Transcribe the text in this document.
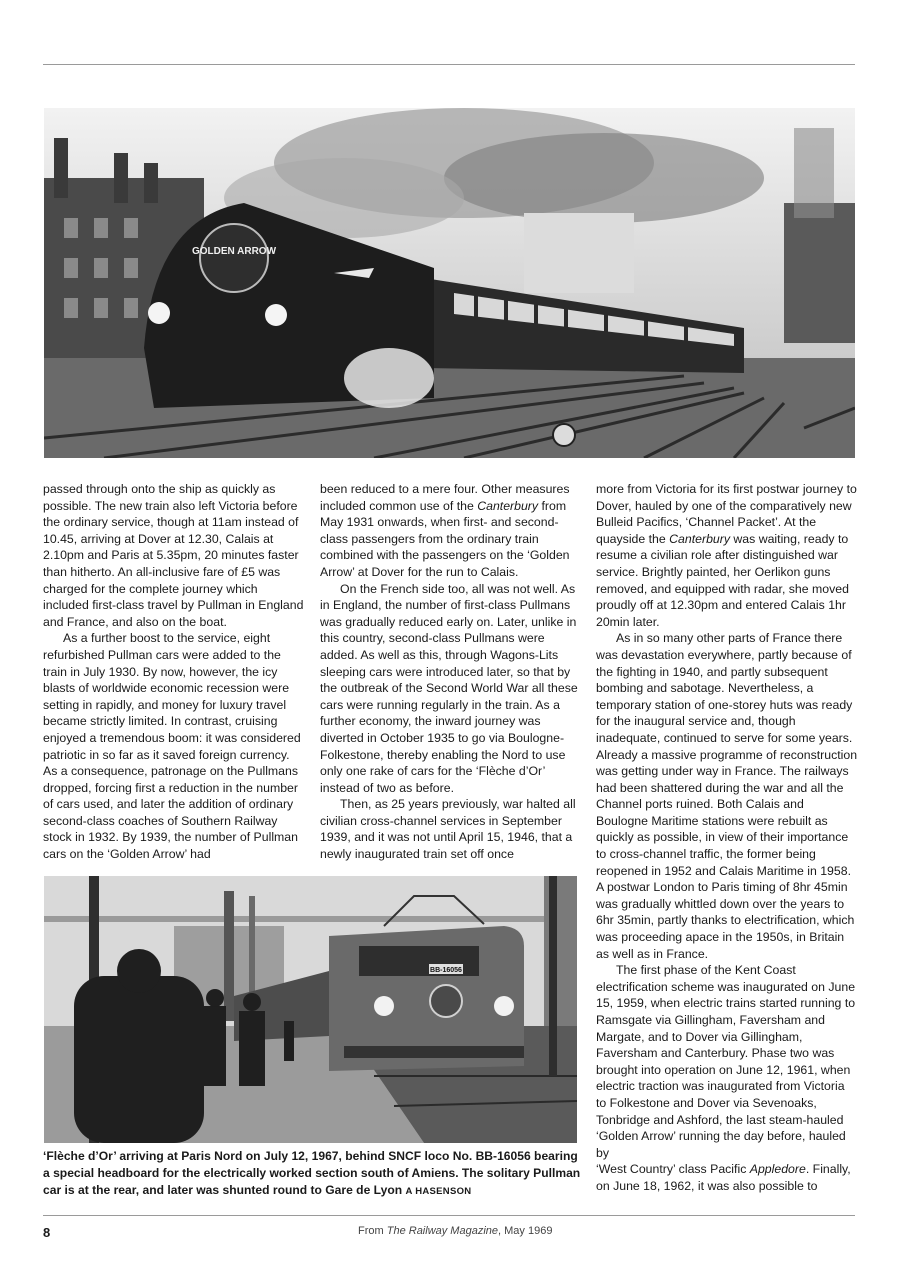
GOLDEN ARROW

passed through onto the ship as quickly as possible. The new train also left Victoria before the ordinary service, though at 11am instead of 10.45, arriving at Dover at 12.30, Calais at 2.10pm and Paris at 5.35pm, 20 minutes faster than hitherto. An all-inclusive fare of £5 was charged for the complete journey which included first-class travel by Pullman in England and France, and also on the boat.

As a further boost to the service, eight refurbished Pullman cars were added to the train in July 1930. By now, however, the icy blasts of worldwide economic recession were setting in rapidly, and money for luxury travel became strictly limited. In contrast, cruising enjoyed a tremendous boom: it was considered patriotic in so far as it saved foreign currency. As a consequence, patronage on the Pullmans dropped, forcing first a reduction in the number of cars used, and later the addition of ordinary second-class coaches of Southern Railway stock in 1932. By 1939, the number of Pullman cars on the ‘Golden Arrow’ had

been reduced to a mere four. Other measures included common use of the Canterbury from May 1931 onwards, when first- and second-class passengers from the ordinary train combined with the passengers on the ‘Golden Arrow’ at Dover for the run to Calais.

On the French side too, all was not well. As in England, the number of first-class Pullmans was gradually reduced early on. Later, unlike in this country, second-class Pullmans were added. As well as this, through Wagons-Lits sleeping cars were introduced later, so that by the outbreak of the Second World War all these cars were running regularly in the train. As a further economy, the inward journey was diverted in October 1935 to go via Boulogne-Folkestone, thereby enabling the Nord to use only one rake of cars for the ‘Flèche d’Or’ instead of two as before.

Then, as 25 years previously, war halted all civilian cross-channel services in September 1939, and it was not until April 15, 1946, that a newly inaugurated train set off once

more from Victoria for its first postwar journey to Dover, hauled by one of the comparatively new Bulleid Pacifics, ‘Channel Packet’. At the quayside the Canterbury was waiting, ready to resume a civilian role after distinguished war service. Brightly painted, her Oerlikon guns removed, and equipped with radar, she moved proudly off at 12.30pm and entered Calais 1hr 20min later.

As in so many other parts of France there was devastation everywhere, partly because of the fighting in 1940, and partly subsequent bombing and sabotage. Nevertheless, a temporary station of one-storey huts was ready for the inaugural service and, though inadequate, continued to serve for some years. Already a massive programme of reconstruction was getting under way in France. The railways had been shattered during the war and all the Channel ports ruined. Both Calais and Boulogne Maritime stations were rebuilt as quickly as possible, in view of their importance to cross-channel traffic, the former being reopened in 1952 and Calais Maritime in 1958. A postwar London to Paris timing of 8hr 45min was gradually whittled down over the years to 6hr 35min, partly thanks to electrification, which was proceeding apace in the 1950s, in Britain as well as in France.

The first phase of the Kent Coast electrification scheme was inaugurated on June 15, 1959, when electric trains started running to Ramsgate via Gillingham, Faversham and Margate, and to Dover via Gillingham, Faversham and Canterbury. Phase two was brought into operation on June 12, 1961, when electric traction was inaugurated from Victoria to Folkestone and Dover via Sevenoaks, Tonbridge and Ashford, the last steam-hauled ‘Golden Arrow’ running the day before, hauled by
‘West Country’ class Pacific Appledore. Finally, on June 18, 1962, it was also possible to

BB-16056
‘Flèche d’Or’ arriving at Paris Nord on July 12, 1967, behind SNCF loco No. BB-16056 bearing a special headboard for the electrically worked section south of Amiens. The solitary Pullman car is at the rear, and later was shunted round to Gare de Lyon A HASENSON
8	From The Railway Magazine, May 1969
